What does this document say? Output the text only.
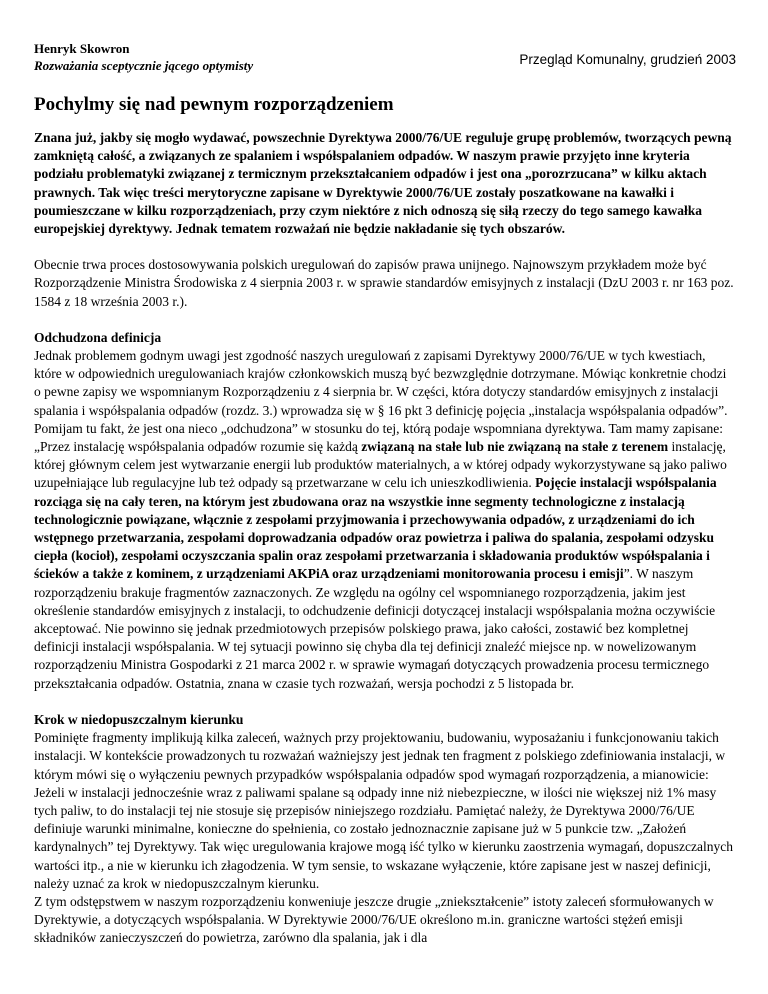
Henryk Skowron
Rozważania sceptycznie jącego optymisty	Przegląd Komunalny, grudzień 2003
Pochylmy się nad pewnym rozporządzeniem

Znana już, jakby się mogło wydawać, powszechnie Dyrektywa 2000/76/UE reguluje grupę problemów, tworzących pewną zamkniętą całość, a związanych ze spalaniem i współspalaniem odpadów. W naszym prawie przyjęto inne kryteria podziału problematyki związanej z termicznym przekształcaniem odpadów i jest ona „porozrzucana” w kilku aktach prawnych. Tak więc treści merytoryczne zapisane w Dyrektywie 2000/76/UE zostały poszatkowane na kawałki i poumieszczane w kilku rozporządzeniach, przy czym niektóre z nich odnoszą się siłą rzeczy do tego samego kawałka europejskiej dyrektywy. Jednak tematem rozważań nie będzie nakładanie się tych obszarów.

Obecnie trwa proces dostosowywania polskich uregulowań do zapisów prawa unijnego. Najnowszym przykładem może być Rozporządzenie Ministra Środowiska z 4 sierpnia 2003 r. w sprawie standardów emisyjnych z instalacji (DzU 2003 r. nr 163 poz. 1584 z 18 września 2003 r.).

Odchudzona definicja
Jednak problemem godnym uwagi jest zgodność naszych uregulowań z zapisami Dyrektywy 2000/76/UE w tych kwestiach, które w odpowiednich uregulowaniach krajów członkowskich muszą być bezwzględnie dotrzymane. Mówiąc konkretnie chodzi o pewne zapisy we wspomnianym Rozporządzeniu z 4 sierpnia br. W części, która dotyczy standardów emisyjnych z instalacji spalania i współspalania odpadów (rozdz. 3.) wprowadza się w § 16 pkt 3 definicję pojęcia „instalacja współspalania odpadów”. Pomijam tu fakt, że jest ona nieco „odchudzona” w stosunku do tej, którą podaje wspomniana dyrektywa. Tam mamy zapisane: „Przez instalację współspalania odpadów rozumie się każdą związaną na stałe lub nie związaną na stałe z terenem instalację, której głównym celem jest wytwarzanie energii lub produktów materialnych, a w której odpady wykorzystywane są jako paliwo uzupełniające lub regulacyjne lub też odpady są przetwarzane w celu ich unieszkodliwienia. Pojęcie instalacji współspalania rozciąga się na cały teren, na którym jest zbudowana oraz na wszystkie inne segmenty technologiczne z instalacją technologicznie powiązane, włącznie z zespołami przyjmowania i przechowywania odpadów, z urządzeniami do ich wstępnego przetwarzania, zespołami doprowadzania odpadów oraz powietrza i paliwa do spalania, zespołami odzysku ciepła (kocioł), zespołami oczyszczania spalin oraz zespołami przetwarzania i składowania produktów współspalania i ścieków a także z kominem, z urządzeniami AKPiA oraz urządzeniami monitorowania procesu i emisji”. W naszym rozporządzeniu brakuje fragmentów zaznaczonych. Ze względu na ogólny cel wspomnianego rozporządzenia, jakim jest określenie standardów emisyjnych z instalacji, to odchudzenie definicji dotyczącej instalacji współspalania można oczywiście akceptować. Nie powinno się jednak przedmiotowych przepisów polskiego prawa, jako całości, zostawić bez kompletnej definicji instalacji współspalania. W tej sytuacji powinno się chyba dla tej definicji znaleźć miejsce np. w nowelizowanym rozporządzeniu Ministra Gospodarki z 21 marca 2002 r. w sprawie wymagań dotyczących prowadzenia procesu termicznego przekształcania odpadów. Ostatnia, znana w czasie tych rozważań, wersja pochodzi z 5 listopada br.

Krok w niedopuszczalnym kierunku
Pominięte fragmenty implikują kilka zaleceń, ważnych przy projektowaniu, budowaniu, wyposażaniu i funkcjonowaniu takich instalacji. W kontekście prowadzonych tu rozważań ważniejszy jest jednak ten fragment z polskiego zdefiniowania instalacji, w którym mówi się o wyłączeniu pewnych przypadków współspalania odpadów spod wymagań rozporządzenia, a mianowicie: Jeżeli w instalacji jednocześnie wraz z paliwami spalane są odpady inne niż niebezpieczne, w ilości nie większej niż 1% masy tych paliw, to do instalacji tej nie stosuje się przepisów niniejszego rozdziału. Pamiętać należy, że Dyrektywa 2000/76/UE definiuje warunki minimalne, konieczne do spełnienia, co zostało jednoznacznie zapisane już w 5 punkcie tzw. „Założeń kardynalnych” tej Dyrektywy. Tak więc uregulowania krajowe mogą iść tylko w kierunku zaostrzenia wymagań, dopuszczalnych wartości itp., a nie w kierunku ich złagodzenia. W tym sensie, to wskazane wyłączenie, które zapisane jest w naszej definicji, należy uznać za krok w niedopuszczalnym kierunku.
Z tym odstępstwem w naszym rozporządzeniu konweniuje jeszcze drugie „zniekształcenie” istoty zaleceń sformułowanych w Dyrektywie, a dotyczących współspalania. W Dyrektywie 2000/76/UE określono m.in. graniczne wartości stężeń emisji składników zanieczyszczeń do powietrza, zarówno dla spalania, jak i dla
